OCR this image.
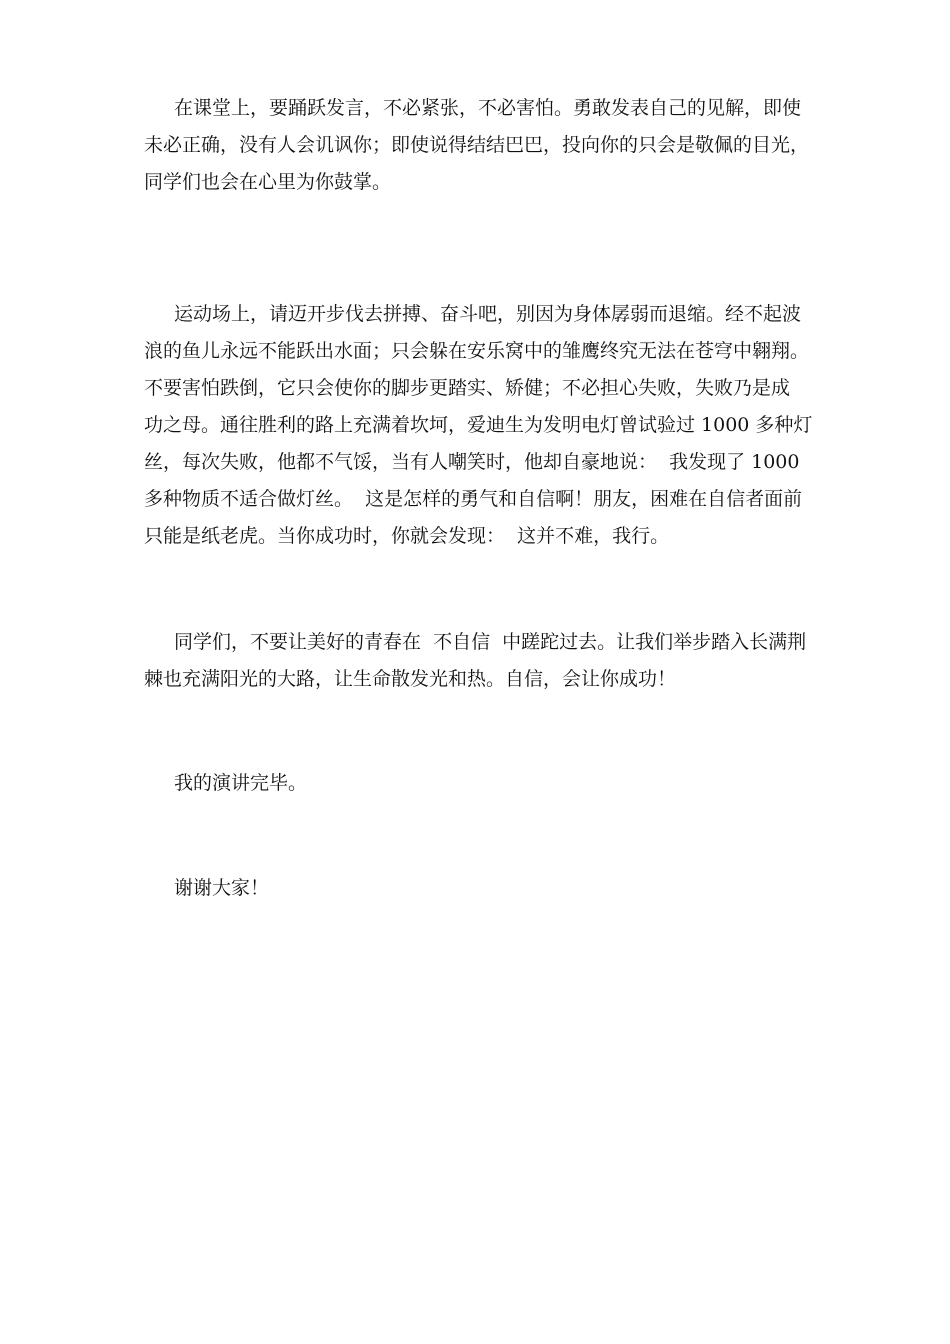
在课堂上，要踊跃发言，不必紧张，不必害怕。勇敢发表自己的见解，即使
未必正确，没有人会讥讽你；即使说得结结巴巴，投向你的只会是敬佩的目光，
同学们也会在心里为你鼓掌。
运动场上，请迈开步伐去拼搏、奋斗吧，别因为身体孱弱而退缩。经不起波
浪的鱼儿永远不能跃出水面；只会躲在安乐窝中的雏鹰终究无法在苍穹中翱翔。
不要害怕跌倒，它只会使你的脚步更踏实、矫健；不必担心失败，失败乃是成
功之母。通往胜利的路上充满着坎坷，爱迪生为发明电灯曾试验过 1000 多种灯
丝，每次失败，他都不气馁，当有人嘲笑时，他却自豪地说：  我发现了 1000
多种物质不适合做灯丝。  这是怎样的勇气和自信啊！朋友，困难在自信者面前
只能是纸老虎。当你成功时，你就会发现：  这并不难，我行。
同学们，不要让美好的青春在  不自信  中蹉跎过去。让我们举步踏入长满荆
棘也充满阳光的大路，让生命散发光和热。自信，会让你成功！
我的演讲完毕。
谢谢大家！
